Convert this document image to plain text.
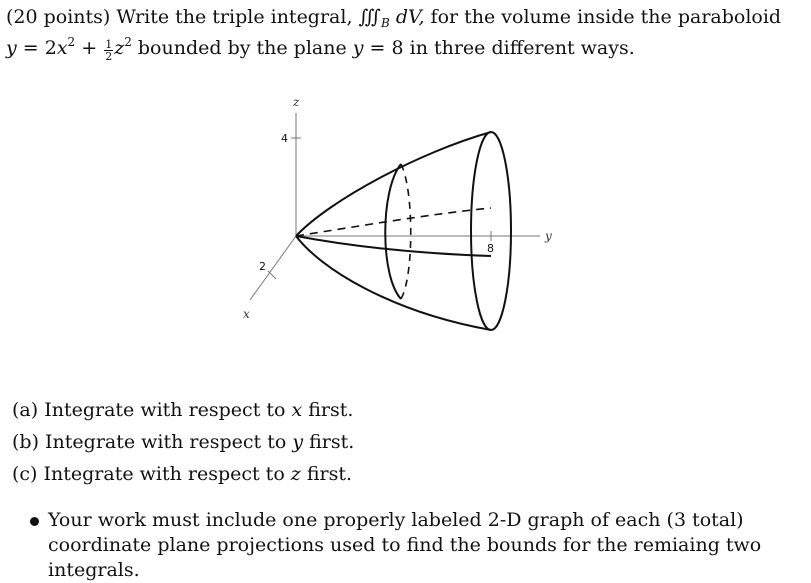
(20 points) Write the triple integral, $∭_B$ dV, for the volume inside the paraboloid
$y = 2x^2 + \frac{1}{2} z^2$ bounded by the plane y = 8 in three different ways.
z
y
x
4
8
2
(a) Integrate with respect to x first.
(b) Integrate with respect to y first.
(c) Integrate with respect to z first.
Your work must include one properly labeled 2-D graph of each (3 total) coordinate plane projections used to find the bounds for the remiaing two integrals.
